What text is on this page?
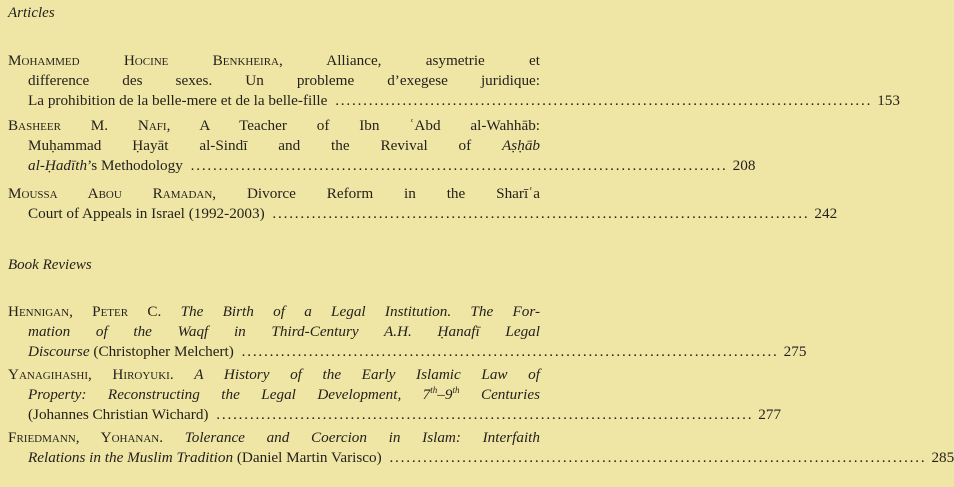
Articles
Mohammed Hocine Benkheira, Alliance, asymetrie et
difference des sexes. Un probleme d’exegese juridique:
La prohibition de la belle-mere et de la belle-fille . . .	153
Basheer M. Nafi, A Teacher of Ibn ʿAbd al-Wahhāb:
Muḥammad Ḥayāt al-Sindī and the Revival of Aṣḥāb
al-Ḥadīth’s Methodology . . .	208
Moussa Abou Ramadan, Divorce Reform in the Sharīʿa
Court of Appeals in Israel (1992-2003) . . .	242
Book Reviews
Hennigan, Peter C. The Birth of a Legal Institution. The For-
mation of the Waqf in Third-Century A.H. Ḥanafī Legal
Discourse (Christopher Melchert) . . .	275
Yanagihashi, Hiroyuki. A History of the Early Islamic Law of
Property: Reconstructing the Legal Development, 7th–9th Centuries
(Johannes Christian Wichard) . . .	277
Friedmann, Yohanan. Tolerance and Coercion in Islam: Interfaith
Relations in the Muslim Tradition (Daniel Martin Varisco) . . .	285
